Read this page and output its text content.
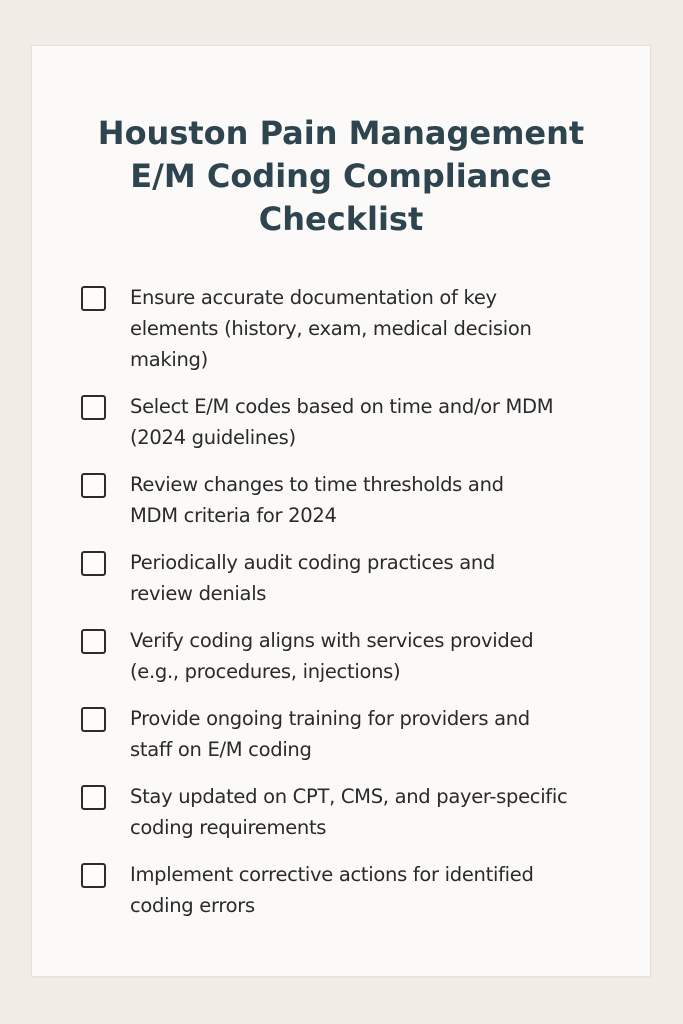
Houston Pain Management
E/M Coding Compliance
Checklist
Ensure accurate documentation of key
elements (history, exam, medical decision
making)
Select E/M codes based on time and/or MDM
(2024 guidelines)
Review changes to time thresholds and
MDM criteria for 2024
Periodically audit coding practices and
review denials
Verify coding aligns with services provided
(e.g., procedures, injections)
Provide ongoing training for providers and
staff on E/M coding
Stay updated on CPT, CMS, and payer-specific
coding requirements
Implement corrective actions for identified
coding errors
